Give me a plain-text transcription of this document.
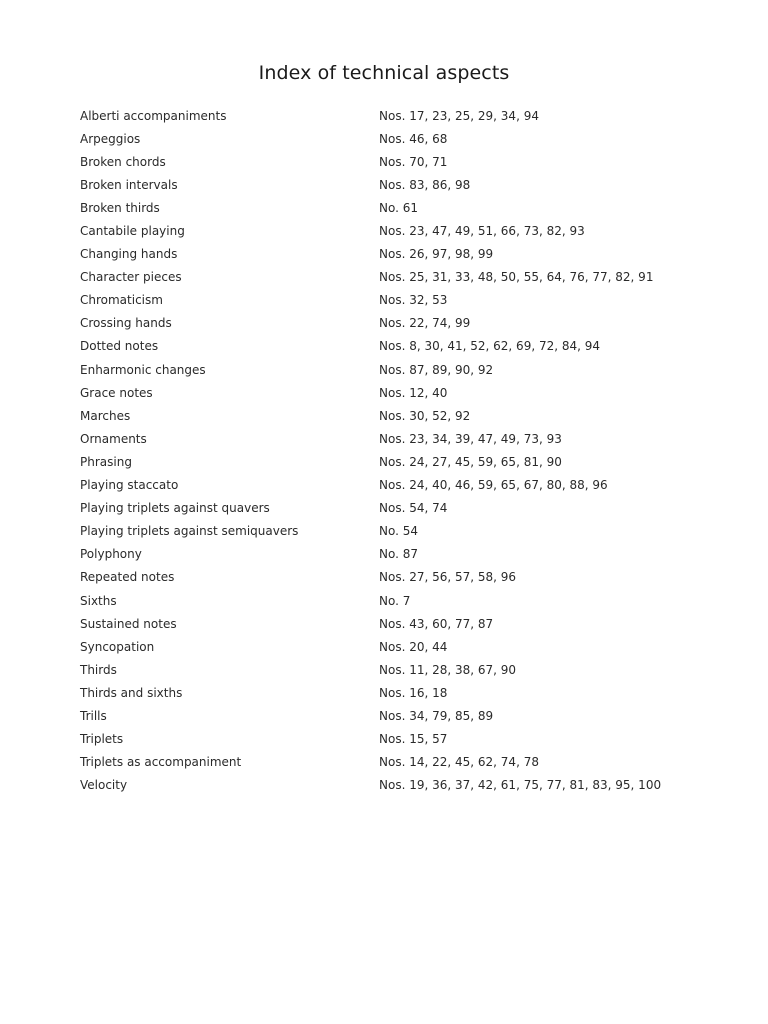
Index of technical aspects
Alberti accompaniments	Nos. 17, 23, 25, 29, 34, 94
Arpeggios	Nos. 46, 68
Broken chords	Nos. 70, 71
Broken intervals	Nos. 83, 86, 98
Broken thirds	No. 61
Cantabile playing	Nos. 23, 47, 49, 51, 66, 73, 82, 93
Changing hands	Nos. 26, 97, 98, 99
Character pieces	Nos. 25, 31, 33, 48, 50, 55, 64, 76, 77, 82, 91
Chromaticism	Nos. 32, 53
Crossing hands	Nos. 22, 74, 99
Dotted notes	Nos. 8, 30, 41, 52, 62, 69, 72, 84, 94
Enharmonic changes	Nos. 87, 89, 90, 92
Grace notes	Nos. 12, 40
Marches	Nos. 30, 52, 92
Ornaments	Nos. 23, 34, 39, 47, 49, 73, 93
Phrasing	Nos. 24, 27, 45, 59, 65, 81, 90
Playing staccato	Nos. 24, 40, 46, 59, 65, 67, 80, 88, 96
Playing triplets against quavers	Nos. 54, 74
Playing triplets against semiquavers	No. 54
Polyphony	No. 87
Repeated notes	Nos. 27, 56, 57, 58, 96
Sixths	No. 7
Sustained notes	Nos. 43, 60, 77, 87
Syncopation	Nos. 20, 44
Thirds	Nos. 11, 28, 38, 67, 90
Thirds and sixths	Nos. 16, 18
Trills	Nos. 34, 79, 85, 89
Triplets	Nos. 15, 57
Triplets as accompaniment	Nos. 14, 22, 45, 62, 74, 78
Velocity	Nos. 19, 36, 37, 42, 61, 75, 77, 81, 83, 95, 100
